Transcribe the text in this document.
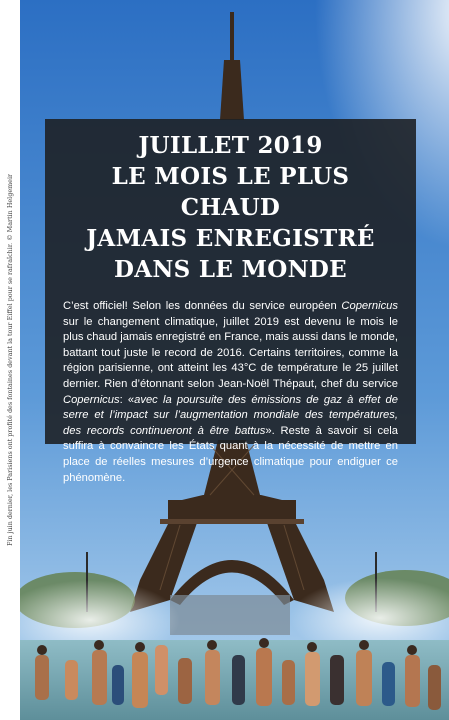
Fin juin dernier, les Parisiens ont profité des fontaines devant la tour Eiffel pour se rafraîchir. © Martin Helgemeir
JUILLET 2019
LE MOIS LE PLUS CHAUD
JAMAIS ENREGISTRÉ
DANS LE MONDE

C’est officiel! Selon les données du service européen Copernicus sur le changement climatique, juillet 2019 est devenu le mois le plus chaud jamais enregistré en France, mais aussi dans le monde, battant tout juste le record de 2016. Certains territoires, comme la région parisienne, ont atteint les 43°C de température le 25 juillet dernier. Rien d’étonnant selon Jean-Noël Thépaut, chef du service Copernicus: «avec la poursuite des émissions de gaz à effet de serre et l’impact sur l’augmentation mondiale des températures, des records continueront à être battus». Reste à savoir si cela suffira à convaincre les États quant à la nécessité de mettre en place de réelles mesures d’urgence climatique pour endiguer ce phénomène.
